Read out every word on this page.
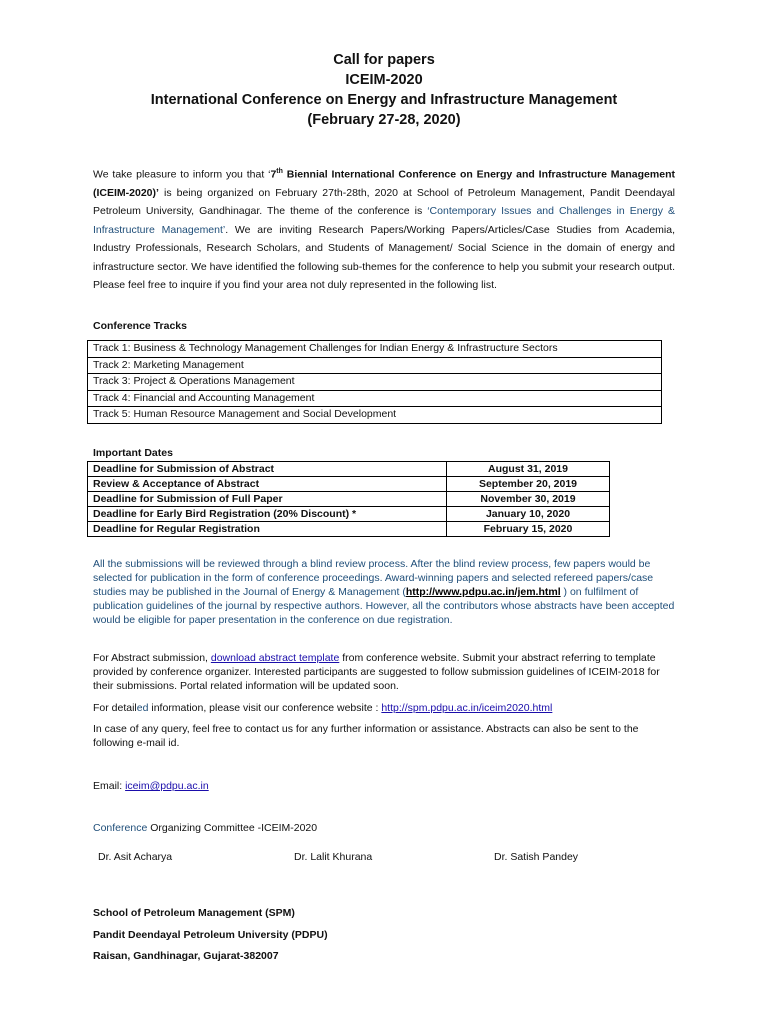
Call for papers
ICEIM-2020
International Conference on Energy and Infrastructure Management
(February 27-28, 2020)

We take pleasure to inform you that ‘7th Biennial International Conference on Energy and Infrastructure Management (ICEIM-2020)’ is being organized on February 27th-28th, 2020 at School of Petroleum Management, Pandit Deendayal Petroleum University, Gandhinagar. The theme of the conference is ‘Contemporary Issues and Challenges in Energy & Infrastructure Management’. We are inviting Research Papers/Working Papers/Articles/Case Studies from Academia, Industry Professionals, Research Scholars, and Students of Management/ Social Science in the domain of energy and infrastructure sector. We have identified the following sub-themes for the conference to help you submit your research output. Please feel free to inquire if you find your area not duly represented in the following list.

Conference Tracks
Track 1: Business & Technology Management Challenges for Indian Energy & Infrastructure Sectors
Track 2: Marketing Management
Track 3: Project & Operations Management
Track 4: Financial and Accounting Management
Track 5: Human Resource Management and Social Development
Important Dates
Deadline for Submission of Abstract	August 31, 2019
Review & Acceptance of Abstract	September 20, 2019
Deadline for Submission of Full Paper	November 30, 2019
Deadline for Early Bird Registration (20% Discount) *	January 10, 2020
Deadline for Regular Registration	February 15, 2020

All the submissions will be reviewed through a blind review process. After the blind review process, few papers would be selected for publication in the form of conference proceedings. Award-winning papers and selected refereed papers/case studies may be published in the Journal of Energy & Management (http://www.pdpu.ac.in/jem.html ) on fulfilment of publication guidelines of the journal by respective authors. However, all the contributors whose abstracts have been accepted would be eligible for paper presentation in the conference on due registration.

For Abstract submission, download abstract template from conference website. Submit your abstract referring to template provided by conference organizer. Interested participants are suggested to follow submission guidelines of ICEIM-2018 for their submissions. Portal related information will be updated soon.

For detailed information, please visit our conference website : http://spm.pdpu.ac.in/iceim2020.html

In case of any query, feel free to contact us for any further information or assistance. Abstracts can also be sent to the following e-mail id.

Email: iceim@pdpu.ac.in

Conference Organizing Committee -ICEIM-2020

Dr. Asit Acharya	Dr. Lalit Khurana	Dr. Satish Pandey
School of Petroleum Management (SPM)
Pandit Deendayal Petroleum University (PDPU)
Raisan, Gandhinagar, Gujarat-382007
